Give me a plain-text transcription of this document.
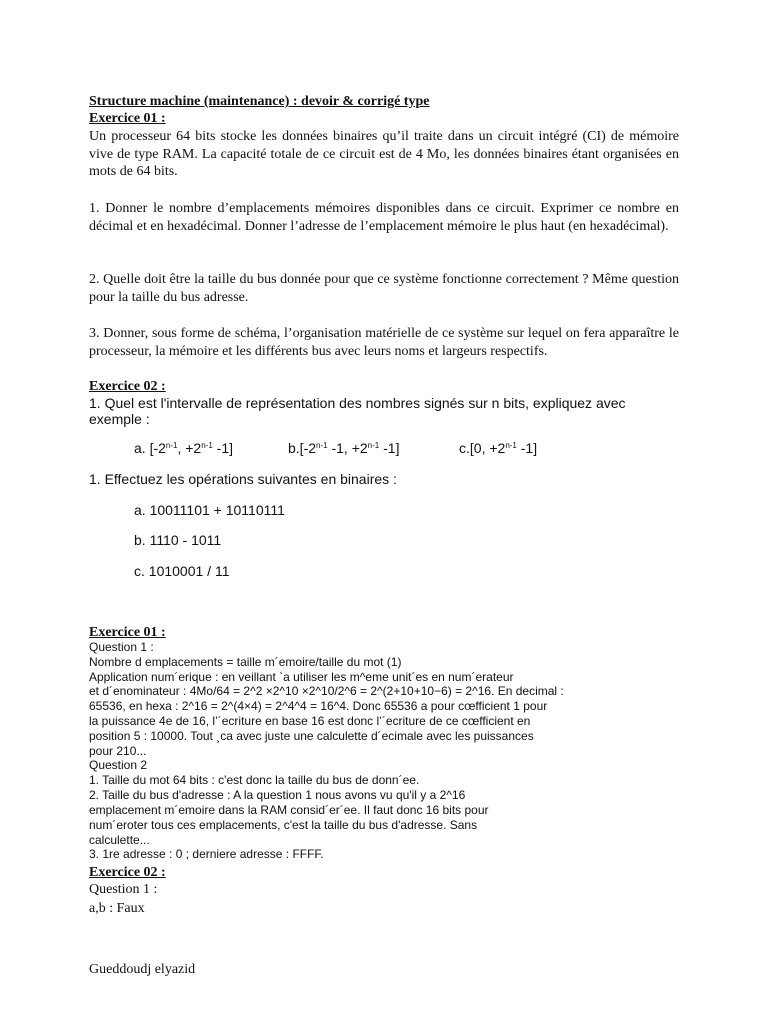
Structure machine (maintenance) : devoir & corrigé type
Exercice 01 :
Un processeur 64 bits stocke les données binaires qu’il traite dans un circuit intégré (CI) de mémoire vive de type RAM. La capacité totale de ce circuit est de 4 Mo, les données binaires étant organisées en mots de 64 bits.
1. Donner le nombre d’emplacements mémoires disponibles dans ce circuit. Exprimer ce nombre en décimal et en hexadécimal. Donner l’adresse de l’emplacement mémoire le plus haut (en hexadécimal).
2. Quelle doit être la taille du bus donnée pour que ce système fonctionne correctement ? Même question pour la taille du bus adresse.
3. Donner, sous forme de schéma, l’organisation matérielle de ce système sur lequel on fera apparaître le processeur, la mémoire et les différents bus avec leurs noms et largeurs respectifs.
Exercice 02 :
1. Quel est l'intervalle de représentation des nombres signés sur n bits, expliquez avec
exemple :
a. [$-2^{n-1}$, $+2^{n-1}$ -1]	b.[-2$^{n-1}$ -1, $+2^{n-1}$ -1]	c.[0, $+2^{n-1}$ -1]
1. Effectuez les opérations suivantes en binaires :
a. 10011101 + 10110111
b. 1110 - 1011
c. 1010001 / 11
Exercice 01 :
Question 1 :
Nombre d emplacements = taille m´emoire/taille du mot (1)
Application num´erique : en veillant `a utiliser les m^eme unit´es en num´erateur
et d´enominateur : 4Mo/64 = 2^2 ×2^10 ×2^10/2^6 = 2^(2+10+10−6) = 2^16. En decimal :
65536, en hexa : 2^16 = 2^(4×4) = 2^4^4 = 16^4. Donc 65536 a pour cœfficient 1 pour
la puissance 4e de 16, l’´ecriture en base 16 est donc l’´ecriture de ce cœfficient en
position 5 : 10000. Tout ¸ca avec juste une calculette d´ecimale avec les puissances
pour 210...
Question 2
1. Taille du mot 64 bits : c'est donc la taille du bus de donn´ee.
2. Taille du bus d'adresse : A la question 1 nous avons vu qu'il y a 2^16
emplacement m´emoire dans la RAM consid´er´ee. Il faut donc 16 bits pour
num´eroter tous ces emplacements, c'est la taille du bus d'adresse. Sans
calculette...
3. 1re adresse : 0 ; derniere adresse : FFFF.
Exercice 02 :
Question 1 :
a,b : Faux
Gueddoudj elyazid
